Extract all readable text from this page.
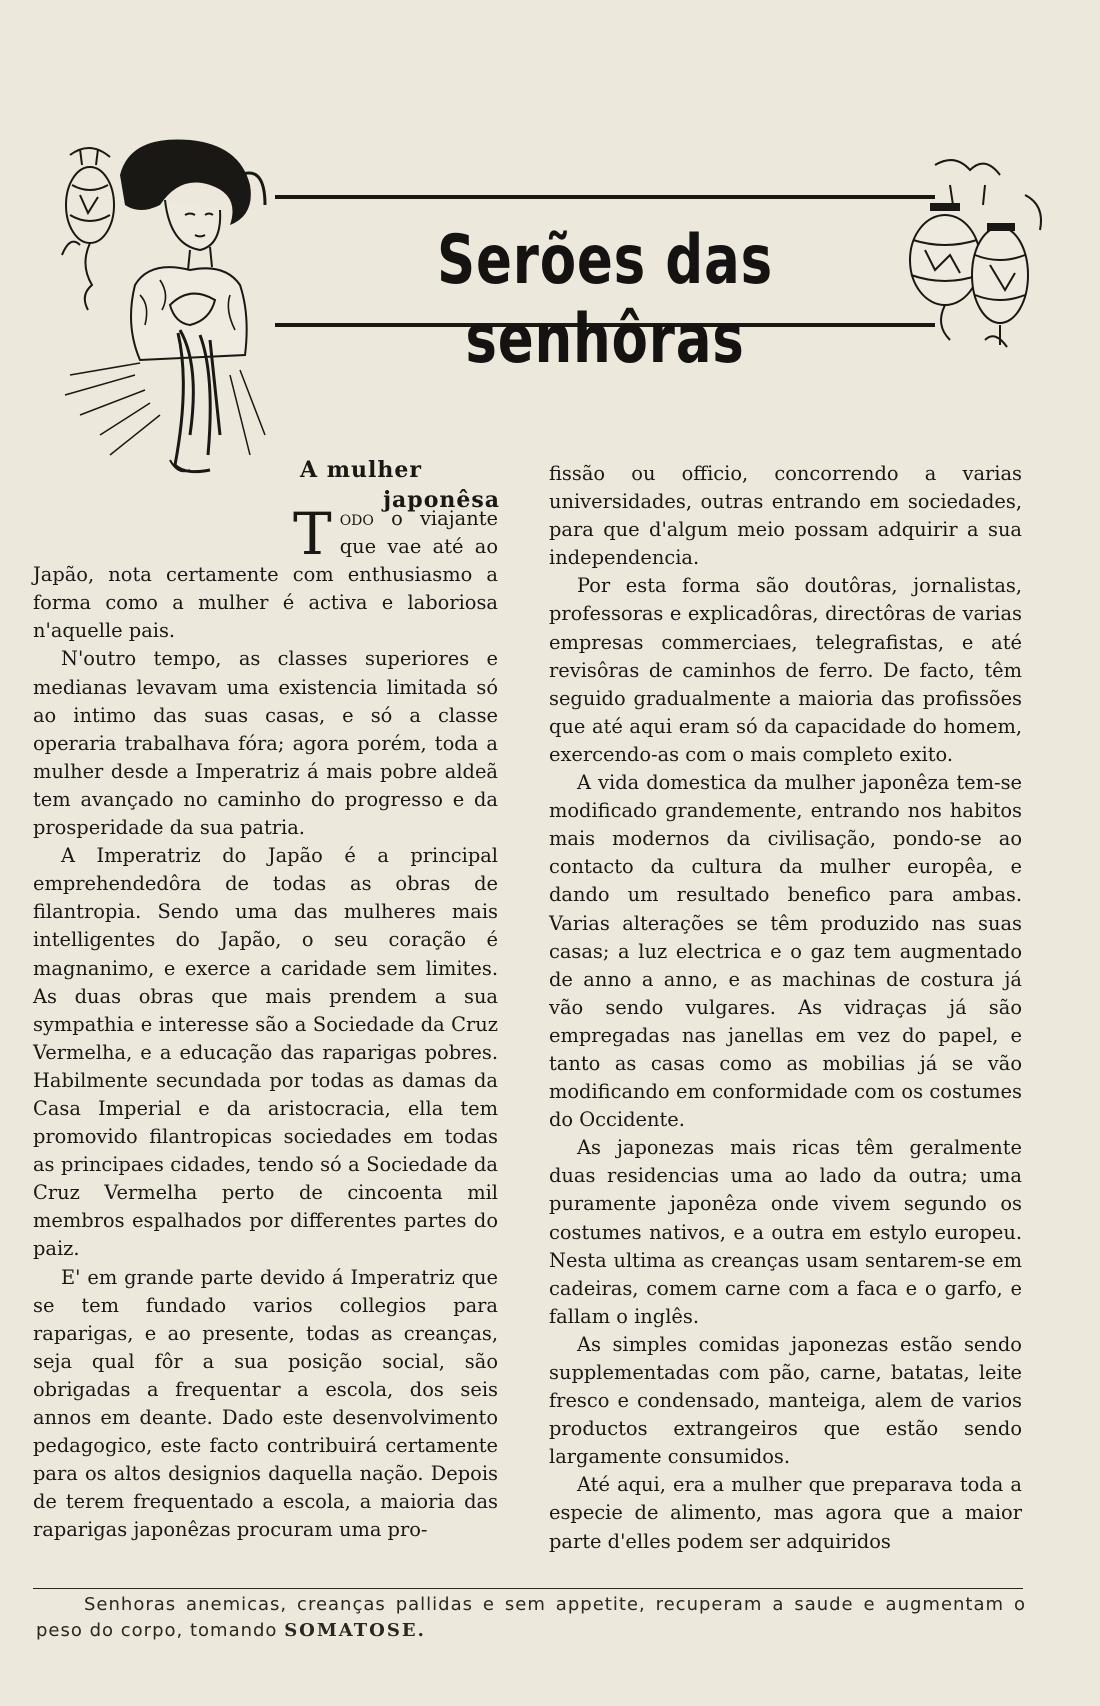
Serões das senhôras
A mulher
japonêsa

Todo o viajante que vae até ao Japão, nota certamente com enthusiasmo a forma como a mulher é activa e laboriosa n'aquelle pais.

N'outro tempo, as classes superiores e medianas levavam uma existencia limitada só ao intimo das suas casas, e só a classe operaria trabalhava fóra; agora porém, toda a mulher desde a Imperatriz á mais pobre aldeã tem avançado no caminho do progresso e da prosperidade da sua patria.

A Imperatriz do Japão é a principal emprehendedôra de todas as obras de filantropia. Sendo uma das mulheres mais intelligentes do Japão, o seu coração é magnanimo, e exerce a caridade sem limites. As duas obras que mais prendem a sua sympathia e interesse são a Sociedade da Cruz Vermelha, e a educação das raparigas pobres. Habilmente secundada por todas as damas da Casa Imperial e da aristocracia, ella tem promovido filantropicas sociedades em todas as principaes cidades, tendo só a Sociedade da Cruz Vermelha perto de cincoenta mil membros espalhados por differentes partes do paiz.

E' em grande parte devido á Imperatriz que se tem fundado varios collegios para raparigas, e ao presente, todas as creanças, seja qual fôr a sua posição social, são obrigadas a frequentar a escola, dos seis annos em deante. Dado este desenvolvimento pedagogico, este facto contribuirá certamente para os altos designios daquella nação. Depois de terem frequentado a escola, a maioria das raparigas japonêzas procuram uma pro-

fissão ou officio, concorrendo a varias universidades, outras entrando em sociedades, para que d'algum meio possam adquirir a sua independencia.

Por esta forma são doutôras, jornalistas, professoras e explicadôras, directôras de varias empresas commerciaes, telegrafistas, e até revisôras de caminhos de ferro. De facto, têm seguido gradualmente a maioria das profissões que até aqui eram só da capacidade do homem, exercendo-as com o mais completo exito.

A vida domestica da mulher japonêza tem-se modificado grandemente, entrando nos habitos mais modernos da civilisação, pondo-se ao contacto da cultura da mulher europêa, e dando um resultado benefico para ambas. Varias alterações se têm produzido nas suas casas; a luz electrica e o gaz tem augmentado de anno a anno, e as machinas de costura já vão sendo vulgares. As vidraças já são empregadas nas janellas em vez do papel, e tanto as casas como as mobilias já se vão modificando em conformidade com os costumes do Occidente.

As japonezas mais ricas têm geralmente duas residencias uma ao lado da outra; uma puramente japonêza onde vivem segundo os costumes nativos, e a outra em estylo europeu. Nesta ultima as creanças usam sentarem-se em cadeiras, comem carne com a faca e o garfo, e fallam o inglês.

As simples comidas japonezas estão sendo supplementadas com pão, carne, batatas, leite fresco e condensado, manteiga, alem de varios productos extrangeiros que estão sendo largamente consumidos.

Até aqui, era a mulher que preparava toda a especie de alimento, mas agora que a maior parte d'elles podem ser adquiridos

Senhoras anemicas, creanças pallidas e sem appetite, recuperam a saude e augmentam o peso do corpo, tomando SOMATOSE.
